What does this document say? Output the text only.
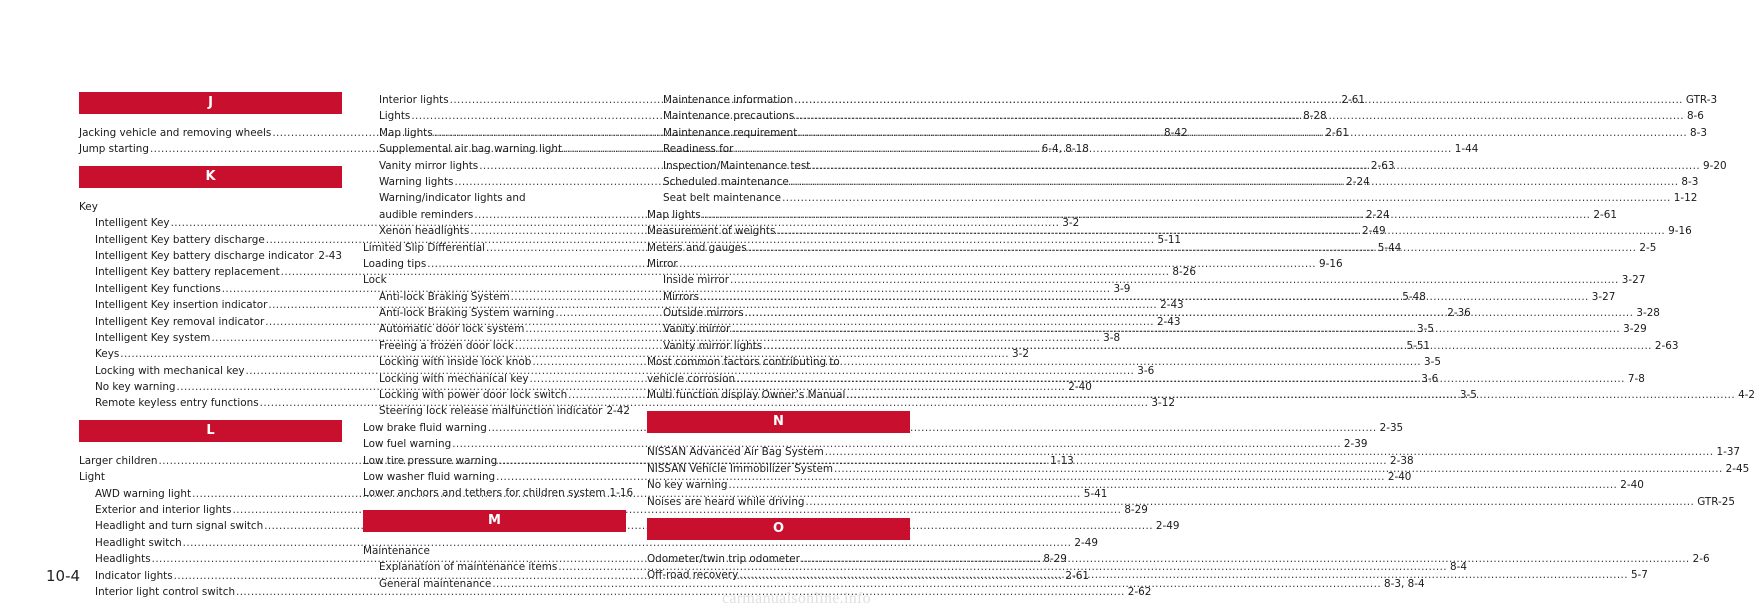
J
Jacking vehicle and removing wheels .....	8-42
Jump starting .....	6-4, 8-18
K
Key
Intelligent Key .....	3-2
Intelligent Key battery discharge .....	5-11
Intelligent Key battery discharge indicator ..... 2-43
Intelligent Key battery replacement .....	8-26
Intelligent Key functions .....	3-9
Intelligent Key insertion indicator .....	2-43
Intelligent Key removal indicator .....	2-43
Intelligent Key system .....	3-8
Keys .....	3-2
Locking with mechanical key .....	3-6
No key warning .....	2-40
Remote keyless entry functions .....	3-12
L
Larger children .....	1-13
Light
AWD warning light .....	5-41
Exterior and interior lights .....	8-29
Headlight and turn signal switch .....	2-49
Headlight switch .....	2-49
Headlights .....	8-29
Indicator lights .....	2-61
Interior light control switch .....	2-62
Interior lights .....	2-61
Lights .....	8-28
Map lights .....	2-61
Supplemental air bag warning light .....	1-44
Vanity mirror lights .....	2-63
Warning lights .....	2-24
Warning/indicator lights and
audible reminders .....	2-24
Xenon headlights .....	2-49
Limited Slip Differential .....	5-44
Loading tips .....	9-16
Lock
Anti-lock Braking System .....	5-48
Anti-lock Braking System warning .....	2-36
Automatic door lock system .....	3-5
Freeing a frozen door lock .....	5-51
Locking with inside lock knob .....	3-5
Locking with mechanical key .....	3-6
Locking with power door lock switch .....	3-5
Steering lock release malfunction indicator 2-42
Low brake fluid warning .....	2-35
Low fuel warning .....	2-39
Low tire pressure warning .....	2-38
Low washer fluid warning .....	2-40
Lower anchors and tethers for children system 1-16
M
Maintenance
Explanation of maintenance items .....	8-4
General maintenance .....	8-3, 8-4
Maintenance information .....	GTR-3
Maintenance precautions .....	8-6
Maintenance requirement .....	8-3
Readiness for
Inspection/Maintenance test .....	9-20
Scheduled maintenance .....	8-3
Seat belt maintenance .....	1-12
Map lights .....	2-61
Measurement of weights .....	9-16
Meters and gauges .....	2-5
Mirror
Inside mirror .....	3-27
Mirrors .....	3-27
Outside mirrors .....	3-28
Vanity mirror .....	3-29
Vanity mirror lights .....	2-63
Most common factors contributing to
vehicle corrosion .....	7-8
Multi function display Owner’s Manual .....	4-2
N
NISSAN Advanced Air Bag System .....	1-37
NISSAN Vehicle Immobilizer System .....	2-45
No key warning .....	2-40
Noises are heard while driving .....	GTR-25
O
Odometer/twin trip odometer .....	2-6
Off-road recovery .....	5-7
10-4
carmanualsonline.info
